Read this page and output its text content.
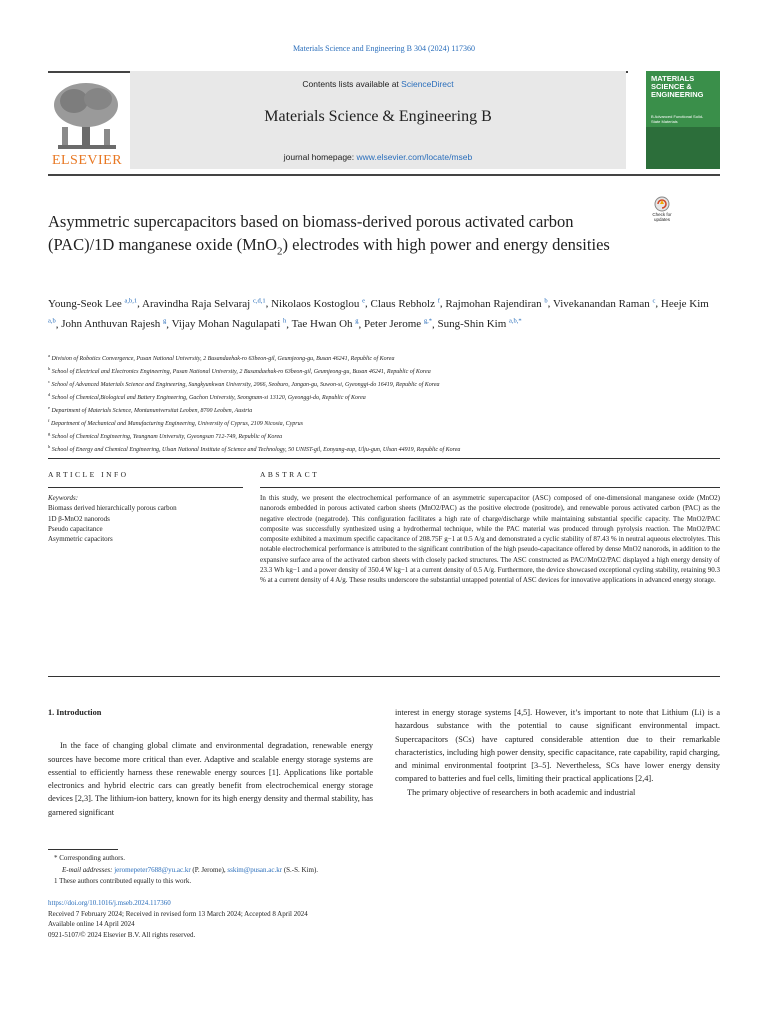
Materials Science and Engineering B 304 (2024) 117360
ELSEVIER
Contents lists available at ScienceDirect
Materials Science & Engineering B
journal homepage: www.elsevier.com/locate/mseb
MATERIALS SCIENCE & ENGINEERING
B Advanced Functional Solid-State Materials
Asymmetric supercapacitors based on biomass-derived porous activated carbon (PAC)/1D manganese oxide (MnO$_2$) electrodes with high power and energy densities
Check for updates
Young-Seok Lee $^{a,b,1}$, Aravindha Raja Selvaraj $^{c,d,1}$, Nikolaos Kostoglou $^e$, Claus Rebholz $^f$, Rajmohan Rajendiran $^b$, Vivekanandan Raman $^c$, Heeje Kim $^{a,b}$, John Anthuvan Rajesh $^g$, Vijay Mohan Nagulapati $^h$, Tae Hwan Oh $^g$, Peter Jerome $^{g,*}$, Sung-Shin Kim $^{a,b,*}$
$^a$ Division of Robotics Convergence, Pusan National University, 2 Busandaehak-ro 63beon-gil, Geumjeong-gu, Busan 46241, Republic of Korea
$^b$ School of Electrical and Electronics Engineering, Pusan National University, 2 Busandaehak-ro 63beon-gil, Geumjeong-gu, Busan 46241, Republic of Korea
$^c$ School of Advanced Materials Science and Engineering, Sungkyunkwan University, 2066, Seoburo, Jangan-gu, Suwon-si, Gyeonggi-do 16419, Republic of Korea
$^d$ School of Chemical,Biological and Battery Engineering, Gachon University, Seongnam-si 13120, Gyeonggi-do, Republic of Korea
$^e$ Department of Materials Science, Montanuniversitat Leoben, 8700 Leoben, Austria
$^f$ Department of Mechanical and Manufacturing Engineering, University of Cyprus, 2109 Nicosia, Cyprus
$^g$ School of Chemical Engineering, Yeungnam University, Gyeongsan 712-749, Republic of Korea
$^h$ School of Energy and Chemical Engineering, Ulsan National Institute of Science and Technology, 50 UNIST-gil, Eonyang-eup, Ulju-gun, Ulsan 44919, Republic of Korea
ARTICLE INFO	ABSTRACT
Keywords:
Biomass derived hierarchically porous carbon
1D β-MnO2 nanorods
Pseudo capacitance
Asymmetric capacitors
In this study, we present the electrochemical performance of an asymmetric supercapacitor (ASC) composed of one-dimensional manganese oxide (MnO2) nanorods embedded in porous activated carbon sheets (MnO2/PAC) as the positive electrode (positrode), and renewable porous activated carbon (PAC) as the negative electrode (negatrode). This configuration facilitates a high rate of charge/discharge while maintaining substantial specific capacity. The MnO2/PAC composite was successfully synthesized using a hydrothermal technique, while the PAC material was produced through pyrolysis reaction. The MnO2/PAC composite exhibited a maximum specific capacitance of 208.75F g−1 at 0.5 A/g and demonstrated a cyclic stability of 87.43 % in neutral aqueous electrolytes. This notable electrochemical performance is attributed to the significant contribution of the high pseudo-capacitance offered by dense MnO2 nanorods, in addition to the expansive surface area of the activated carbon sheets with closely packed structures. The ASC constructed as PAC//MnO2/PAC displayed a high energy density of 23.3 Wh kg−1 and a power density of 350.4 W kg−1 at a current density of 0.5 A/g. Furthermore, the device showcased exceptional cycling stability, retaining 90.3 % at a current density of 4 A/g. These results underscore the substantial untapped potential of ASC devices for innovative applications in advanced energy storage.

1. Introduction

In the face of changing global climate and environmental degradation, renewable energy sources have become more critical than ever. Adaptive and scalable energy storage systems are essential to efficiently harness these renewable energy sources [1]. Applications like portable electronics and hybrid electric cars can greatly benefit from electrochemical energy storage devices [2,3]. The lithium-ion battery, known for its high energy density and thermal stability, has garnered significant

interest in energy storage systems [4,5]. However, it’s important to note that Lithium (Li) is a hazardous substance with the potential to cause significant environmental impact. Supercapacitors (SCs) have captured considerable attention due to their remarkable characteristics, including high power density, specific capacitance, rate capability, rapid charging, and minimal environmental footprint [3–5]. Nevertheless, SCs have lower energy density compared to batteries and fuel cells, limiting their practical applications [2,4].

The primary objective of researchers in both academic and industrial

* Corresponding authors.
E-mail addresses: jeromepeter7688@yu.ac.kr (P. Jerome), sskim@pusan.ac.kr (S.-S. Kim).
1 These authors contributed equally to this work.
https://doi.org/10.1016/j.mseb.2024.117360
Received 7 February 2024; Received in revised form 13 March 2024; Accepted 8 April 2024
Available online 14 April 2024
0921-5107/© 2024 Elsevier B.V. All rights reserved.
